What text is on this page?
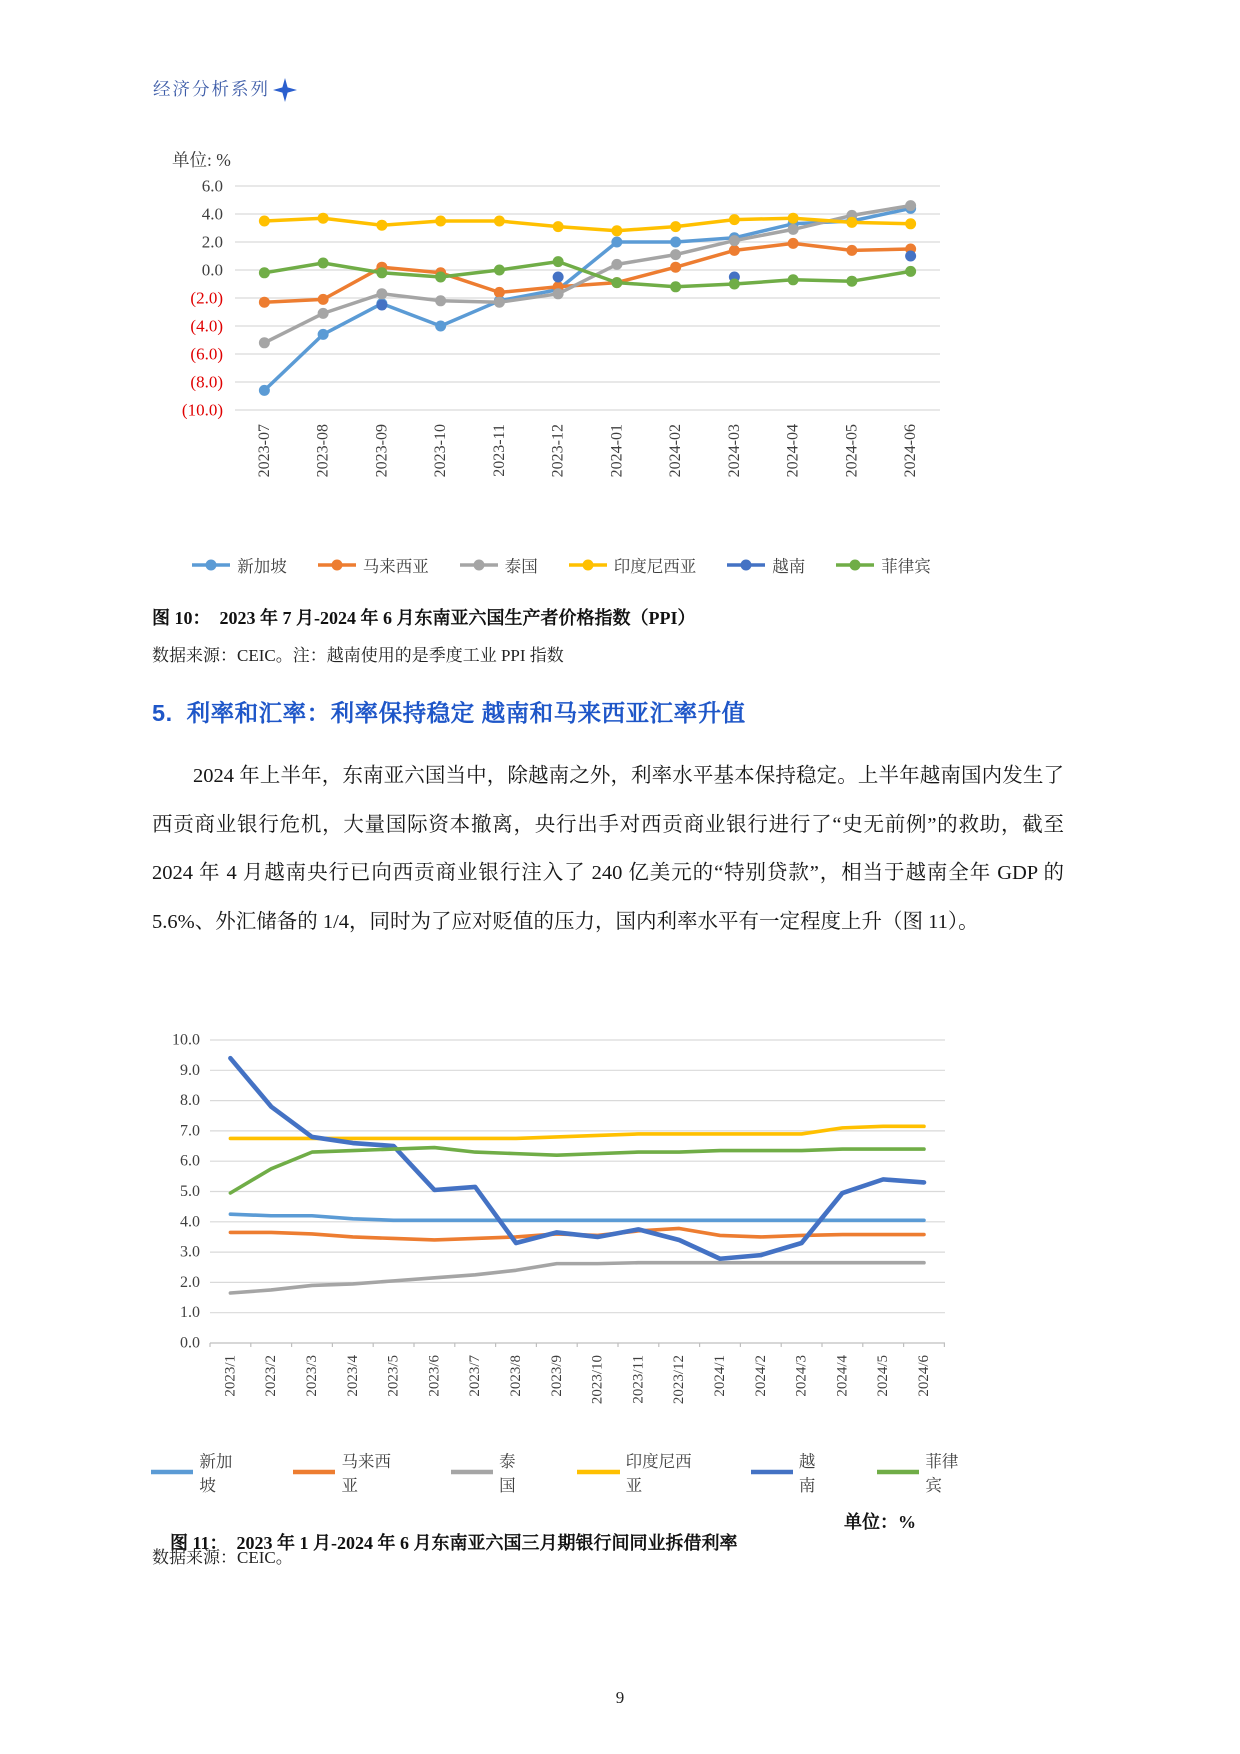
经济分析系列
单位: %
6.0
4.0
2.0
0.0
(2.0)
(4.0)
(6.0)
(8.0)
(10.0)
2023-07	2023-08	2023-09	2023-10	2023-11	2023-12	2024-01	2024-02	2024-03	2024-04	2024-05	2024-06
新加坡	马来西亚	泰国	印度尼西亚	越南	菲律宾
图 10：  2023 年 7 月-2024 年 6 月东南亚六国生产者价格指数（PPI）
数据来源：CEIC。注：越南使用的是季度工业 PPI 指数
5.  利率和汇率：利率保持稳定 越南和马来西亚汇率升值

2024 年上半年，东南亚六国当中，除越南之外，利率水平基本保持稳定。上半年越南国内发生了西贡商业银行危机，大量国际资本撤离，央行出手对西贡商业银行进行了“史无前例”的救助，截至 2024 年 4 月越南央行已向西贡商业银行注入了 240 亿美元的“特别贷款”，相当于越南全年 GDP 的 5.6%、外汇储备的 1/4，同时为了应对贬值的压力，国内利率水平有一定程度上升（图 11）。

10.0
9.0
8.0
7.0
6.0
5.0
4.0
3.0
2.0
1.0
0.0
2023/1 2023/2 2023/3 2023/4 2023/5 2023/6 2023/7 2023/8 2023/9 2023/10 2023/11 2023/12 2024/1 2024/2 2024/3 2024/4 2024/5 2024/6
新加坡
马来西亚
泰国
印度尼西亚
越南
菲律宾

图 11：  2023 年 1 月-2024 年 6 月东南亚六国三月期银行间同业拆借利率

单位：%

数据来源：CEIC。
9
